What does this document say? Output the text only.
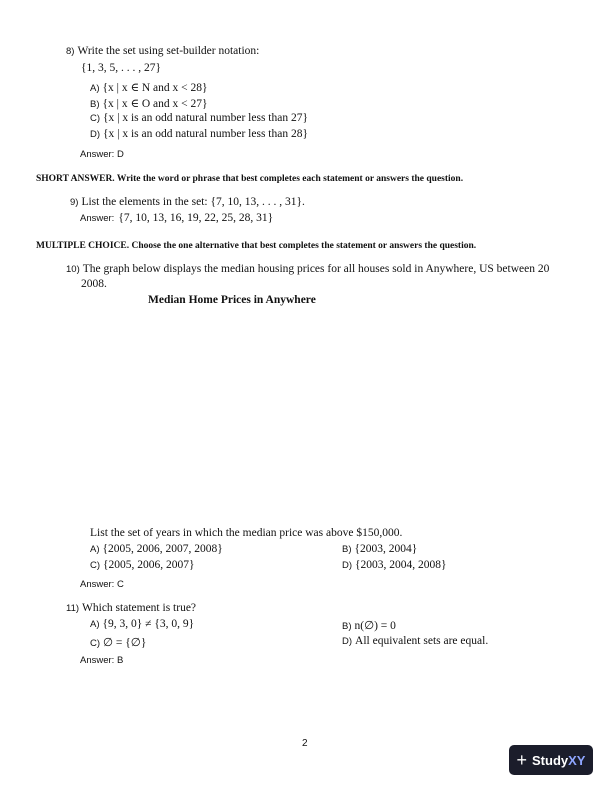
8) Write the set using set-builder notation:
{1, 3, 5, . . . , 27}
A) {x | x ∈ N and x < 28}
B) {x | x ∈ O and x < 27}
C) {x | x is an odd natural number less than 27}
D) {x | x is an odd natural number less than 28}
Answer: D
SHORT ANSWER. Write the word or phrase that best completes each statement or answers the question.
9) List the elements in the set: {7, 10, 13, . . . , 31}.
Answer: {7, 10, 13, 16, 19, 22, 25, 28, 31}
MULTIPLE CHOICE. Choose the one alternative that best completes the statement or answers the question.
10) The graph below displays the median housing prices for all houses sold in Anywhere, US between 20
2008.
Median Home Prices in Anywhere
List the set of years in which the median price was above $150,000.
A) {2005, 2006, 2007, 2008}	B) {2003, 2004}
C) {2005, 2006, 2007}	D) {2003, 2004, 2008}
Answer: C
11) Which statement is true?
A) {9, 3, 0} ≠ {3, 0, 9}	B) n(∅) = 0
C) ∅ = {∅}	D) All equivalent sets are equal.
Answer: B
2
+ StudyXY
